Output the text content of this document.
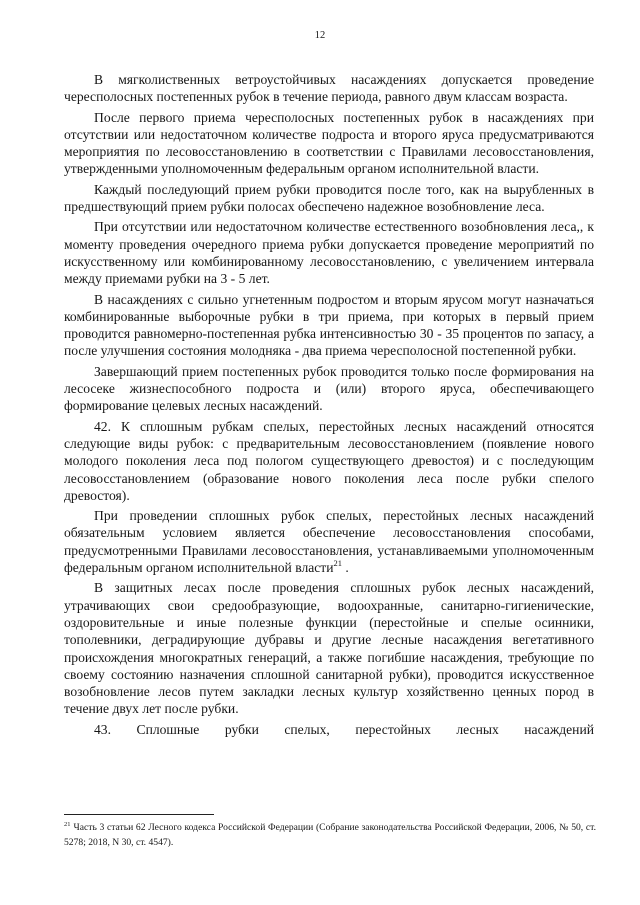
12

В мягколиственных ветроустойчивых насаждениях допускается проведение чересполосных постепенных рубок в течение периода, равного двум классам возраста.

После первого приема чересполосных постепенных рубок в насаждениях при отсутствии или недостаточном количестве подроста и второго яруса предусматриваются мероприятия по лесовосстановлению в соответствии с Правилами лесовосстановления, утвержденными уполномоченным федеральным органом исполнительной власти.

Каждый последующий прием рубки проводится после того, как на вырубленных в предшествующий прием рубки полосах обеспечено надежное возобновление леса.

При отсутствии или недостаточном количестве естественного возобновления леса,, к моменту проведения очередного приема рубки допускается проведение мероприятий по искусственному или комбинированному лесовосстановлению, с увеличением интервала между приемами рубки на 3 - 5 лет.

В насаждениях с сильно угнетенным подростом и вторым ярусом могут назначаться комбинированные выборочные рубки в три приема, при которых в первый прием проводится равномерно-постепенная рубка интенсивностью 30 - 35 процентов по запасу, а после улучшения состояния молодняка - два приема чересполосной постепенной рубки.

Завершающий прием постепенных рубок проводится только после формирования на лесосеке жизнеспособного подроста и (или) второго яруса, обеспечивающего формирование целевых лесных насаждений.

42. К сплошным рубкам спелых, перестойных лесных насаждений относятся следующие виды рубок: с предварительным лесовосстановлением (появление нового молодого поколения леса под пологом существующего древостоя) и с последующим лесовосстановлением (образование нового поколения леса после рубки спелого древостоя).

При проведении сплошных рубок спелых, перестойных лесных насаждений обязательным условием является обеспечение лесовосстановления способами, предусмотренными Правилами лесовосстановления, устанавливаемыми уполномоченным федеральным органом исполнительной власти$^{21}$ .

В защитных лесах после проведения сплошных рубок лесных насаждений, утрачивающих свои средообразующие, водоохранные, санитарно-гигиенические, оздоровительные и иные полезные функции (перестойные и спелые осинники, тополевники, деградирующие дубравы и другие лесные насаждения вегетативного происхождения многократных генераций, а также погибшие насаждения, требующие по своему состоянию назначения сплошной санитарной рубки), проводится искусственное возобновление лесов путем закладки лесных культур хозяйственно ценных пород в течение двух лет после рубки.

43. Сплошные рубки спелых, перестойных лесных насаждений

$^{21}$ Часть 3 статьи 62 Лесного кодекса Российской Федерации (Собрание законодательства Российской Федерации, 2006, № 50, ст. 5278; 2018, N 30, ст. 4547).
